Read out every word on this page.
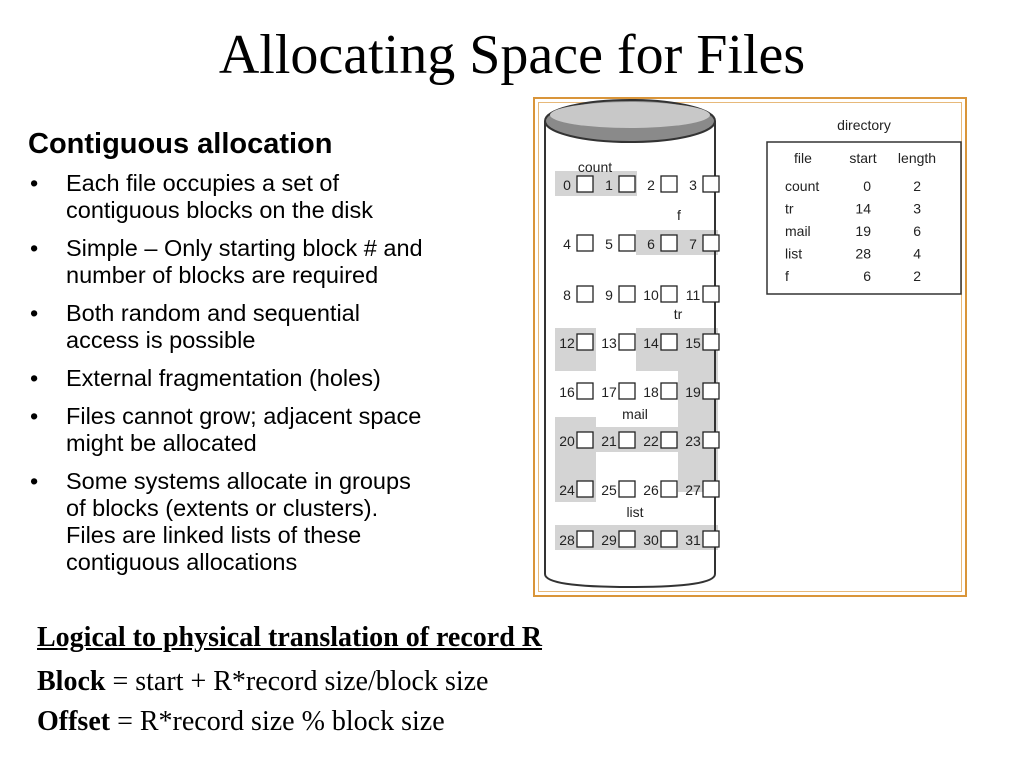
Allocating Space for Files
Contiguous allocation
• Each file occupies a set of
contiguous blocks on the disk
• Simple – Only starting block # and
number of blocks are required
• Both random and sequential
access is possible
• External fragmentation (holes)
• Files cannot grow; adjacent space
might be allocated
• Some systems allocate in groups
of blocks (extents or clusters).
Files are linked lists of these
contiguous allocations
0 1 2 3
4 5 6 7
8 9 10 11
12 13 14 15
16 17 18 19
20 21 22 23
24 25 26 27
28 29 30 31
count
f
tr
mail
list
directory
file	start length
count	0	2
tr	14	3
mail	19	6
list	28	4
f	6	2
Logical to physical translation of record R
Block = start + R*record size/block size
Offset = R*record size % block size
